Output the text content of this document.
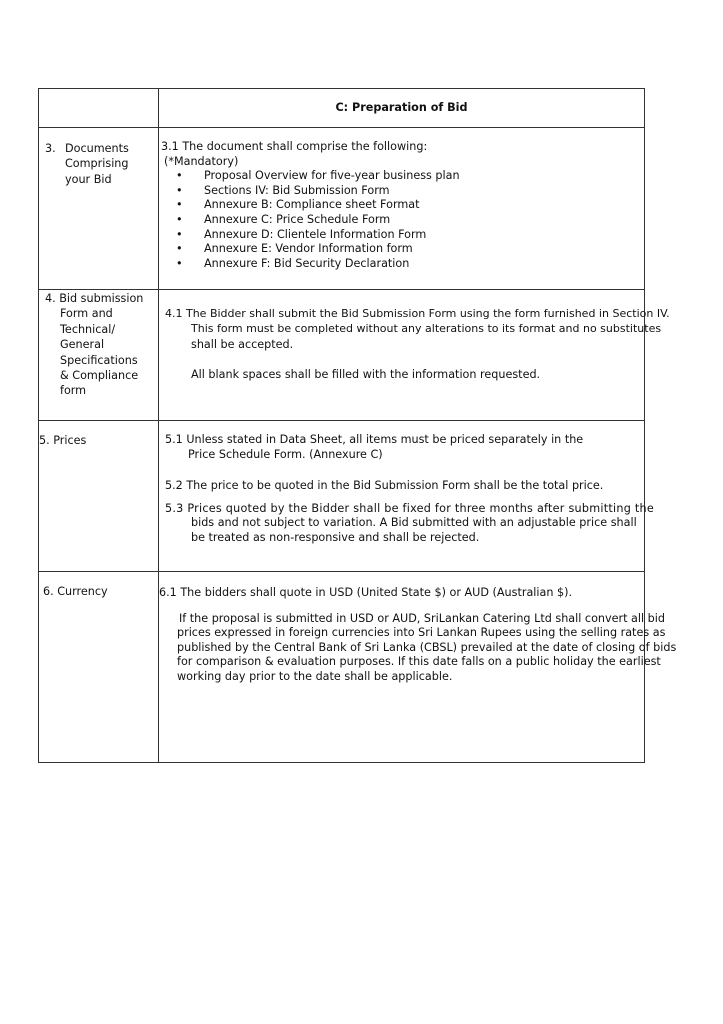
C: Preparation of Bid
3. Documents

Comprising

your Bid

3.1 The document shall comprise the following:

(*Mandatory)

• Proposal Overview for five-year business plan
• Sections IV: Bid Submission Form
• Annexure B: Compliance sheet Format
• Annexure C: Price Schedule Form
• Annexure D: Clientele Information Form
• Annexure E: Vendor Information form
• Annexure F: Bid Security Declaration

4. Bid submission

Form and

Technical/

General

Specifications

& Compliance

form

4.1 The Bidder shall submit the Bid Submission Form using the form furnished in Section IV.

This form must be completed without any alterations to its format and no substitutes

shall be accepted.

All blank spaces shall be filled with the information requested.

5. Prices	5.1 Unless stated in Data Sheet, all items must be priced separately in the

Price Schedule Form. (Annexure C)

5.2 The price to be quoted in the Bid Submission Form shall be the total price.

5.3 Prices quoted by the Bidder shall be fixed for three months after submitting the

bids and not subject to variation. A Bid submitted with an adjustable price shall

be treated as non-responsive and shall be rejected.

6. Currency	6.1 The bidders shall quote in USD (United State $) or AUD (Australian $).

If the proposal is submitted in USD or AUD, SriLankan Catering Ltd shall convert all bid

prices expressed in foreign currencies into Sri Lankan Rupees using the selling rates as

published by the Central Bank of Sri Lanka (CBSL) prevailed at the date of closing of bids

for comparison & evaluation purposes. If this date falls on a public holiday the earliest

working day prior to the date shall be applicable.
